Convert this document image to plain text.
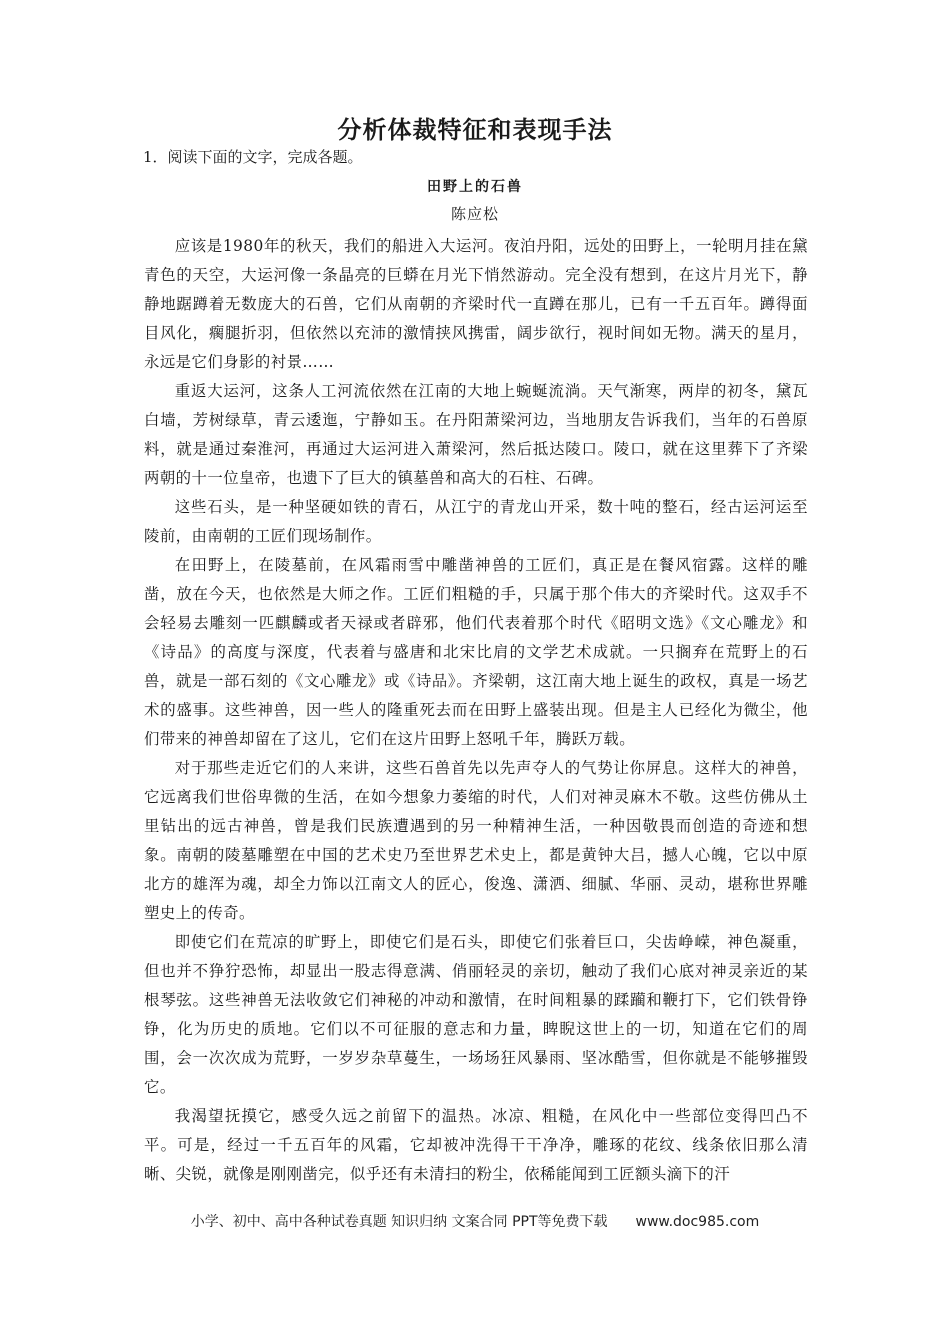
分析体裁特征和表现手法

1．阅读下面的文字，完成各题。

田野上的石兽

陈应松

应该是1980年的秋天，我们的船进入大运河。夜泊丹阳，远处的田野上，一轮明月挂在黛青色的天空，大运河像一条晶亮的巨蟒在月光下悄然游动。完全没有想到，在这片月光下，静静地踞蹲着无数庞大的石兽，它们从南朝的齐梁时代一直蹲在那儿，已有一千五百年。蹲得面目风化，瘸腿折羽，但依然以充沛的激情挟风携雷，阔步欲行，视时间如无物。满天的星月，永远是它们身影的衬景……

重返大运河，这条人工河流依然在江南的大地上蜿蜒流淌。天气渐寒，两岸的初冬，黛瓦白墙，芳树绿草，青云逶迤，宁静如玉。在丹阳萧梁河边，当地朋友告诉我们，当年的石兽原料，就是通过秦淮河，再通过大运河进入萧梁河，然后抵达陵口。陵口，就在这里葬下了齐梁两朝的十一位皇帝，也遗下了巨大的镇墓兽和高大的石柱、石碑。

这些石头，是一种坚硬如铁的青石，从江宁的青龙山开采，数十吨的整石，经古运河运至陵前，由南朝的工匠们现场制作。

在田野上，在陵墓前，在风霜雨雪中雕凿神兽的工匠们，真正是在餐风宿露。这样的雕凿，放在今天，也依然是大师之作。工匠们粗糙的手，只属于那个伟大的齐梁时代。这双手不会轻易去雕刻一匹麒麟或者天禄或者辟邪，他们代表着那个时代《昭明文选》《文心雕龙》和《诗品》的高度与深度，代表着与盛唐和北宋比肩的文学艺术成就。一只搁弃在荒野上的石兽，就是一部石刻的《文心雕龙》或《诗品》。齐梁朝，这江南大地上诞生的政权，真是一场艺术的盛事。这些神兽，因一些人的隆重死去而在田野上盛装出现。但是主人已经化为微尘，他们带来的神兽却留在了这儿，它们在这片田野上怒吼千年，腾跃万载。

对于那些走近它们的人来讲，这些石兽首先以先声夺人的气势让你屏息。这样大的神兽，它远离我们世俗卑微的生活，在如今想象力萎缩的时代，人们对神灵麻木不敬。这些仿佛从土里钻出的远古神兽，曾是我们民族遭遇到的另一种精神生活，一种因敬畏而创造的奇迹和想象。南朝的陵墓雕塑在中国的艺术史乃至世界艺术史上，都是黄钟大吕，撼人心魄，它以中原北方的雄浑为魂，却全力饰以江南文人的匠心，俊逸、潇洒、细腻、华丽、灵动，堪称世界雕塑史上的传奇。

即使它们在荒凉的旷野上，即使它们是石头，即使它们张着巨口，尖齿峥嵘，神色凝重，但也并不狰狞恐怖，却显出一股志得意满、俏丽轻灵的亲切，触动了我们心底对神灵亲近的某根琴弦。这些神兽无法收敛它们神秘的冲动和激情，在时间粗暴的蹂躏和鞭打下，它们铁骨铮铮，化为历史的质地。它们以不可征服的意志和力量，睥睨这世上的一切，知道在它们的周围，会一次次成为荒野，一岁岁杂草蔓生，一场场狂风暴雨、坚冰酷雪，但你就是不能够摧毁它。

我渴望抚摸它，感受久远之前留下的温热。冰凉、粗糙，在风化中一些部位变得凹凸不平。可是，经过一千五百年的风霜，它却被冲洗得干干净净，雕琢的花纹、线条依旧那么清晰、尖锐，就像是刚刚凿完，似乎还有未清扫的粉尘，依稀能闻到工匠额头滴下的汗

小学、初中、高中各种试卷真题 知识归纳 文案合同 PPT等免费下载 www.doc985.com
